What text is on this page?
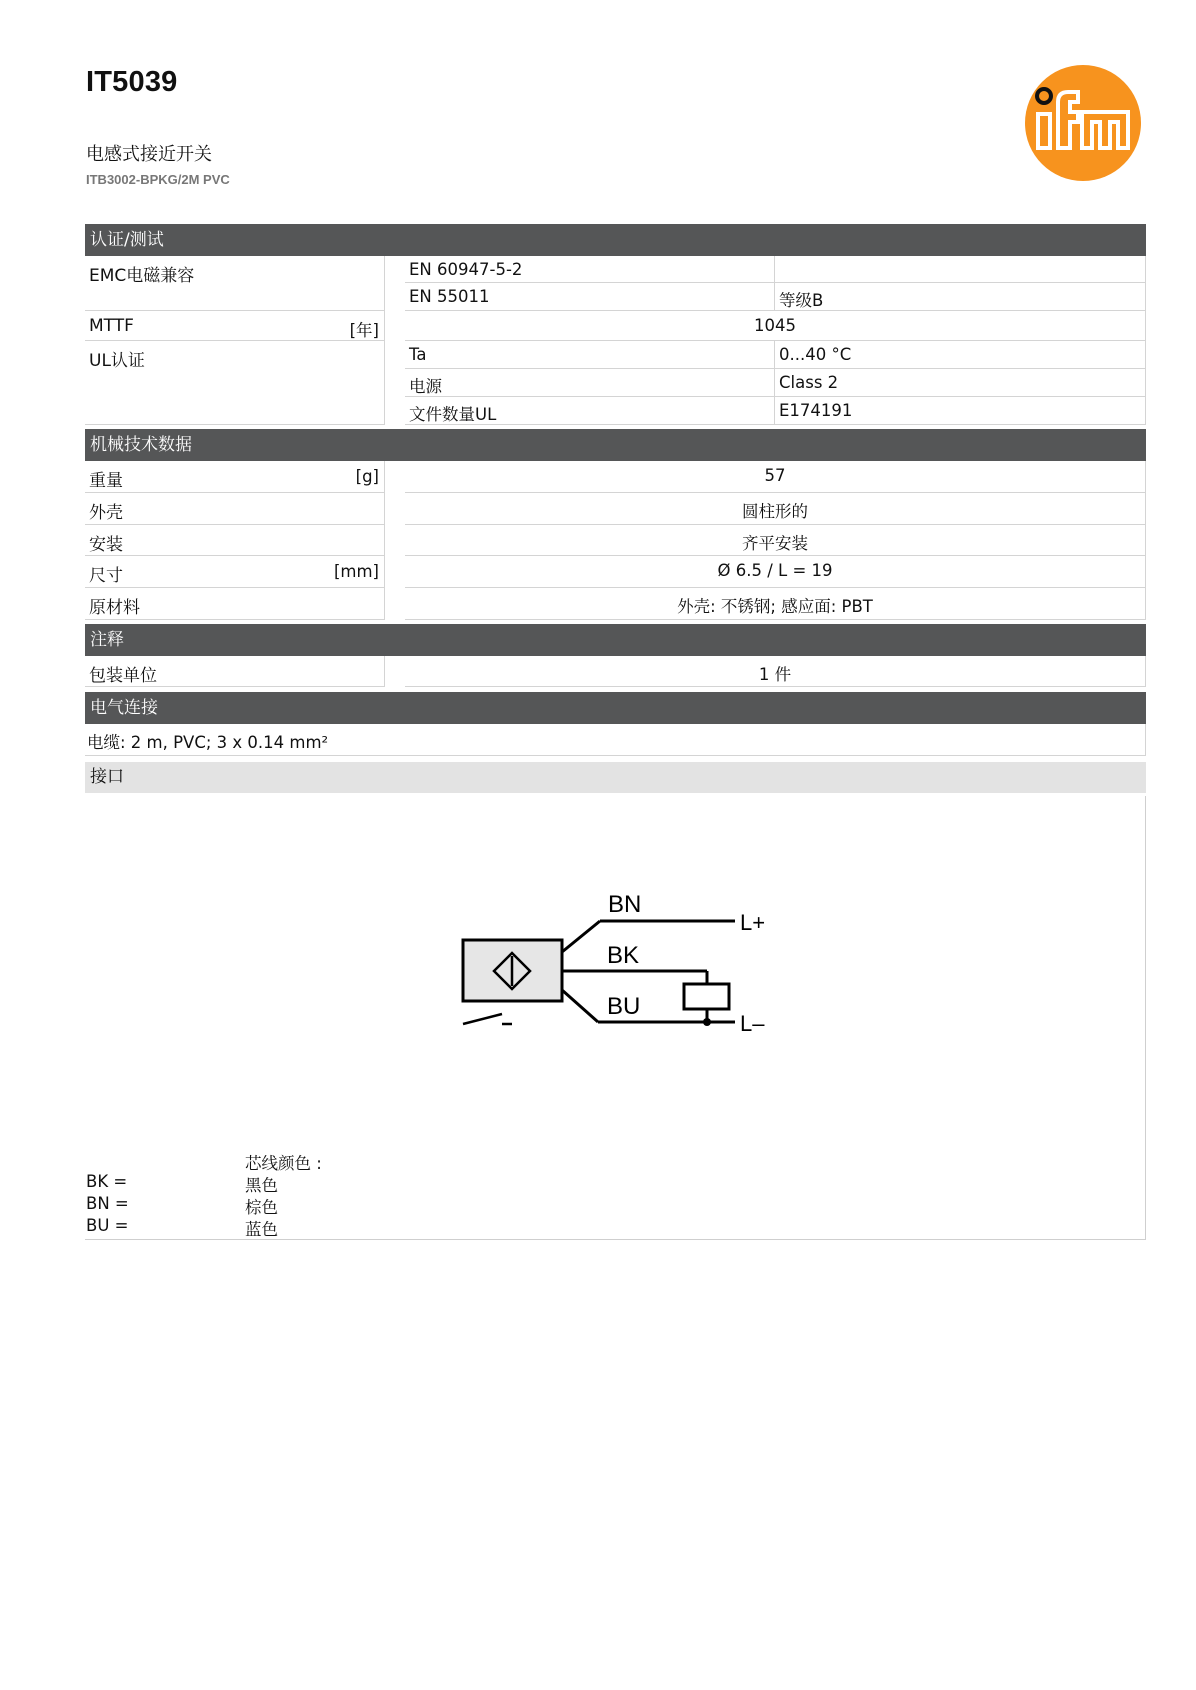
IT5039
电感式接近开关
ITB3002-BPKG/2M PVC
认证/测试
EMC电磁兼容	EN 60947-5-2
EN 55011	等级B
MTTF	[年]	1045
UL认证	Ta	0...40 °C
电源	Class 2
文件数量UL	E174191
机械技术数据
重量	[g]	57
外壳	圆柱形的
安装	齐平安装
尺寸	[mm]	Ø 6.5 / L = 19
原材料	外壳: 不锈钢; 感应面: PBT
注释
包装单位	1 件
电气连接
电缆: 2 m, PVC; 3 x 0.14 mm²
接口
BN
BK
BU
L+
L–
芯线颜色 :
BK =	黑色
BN =	棕色
BU =	蓝色
